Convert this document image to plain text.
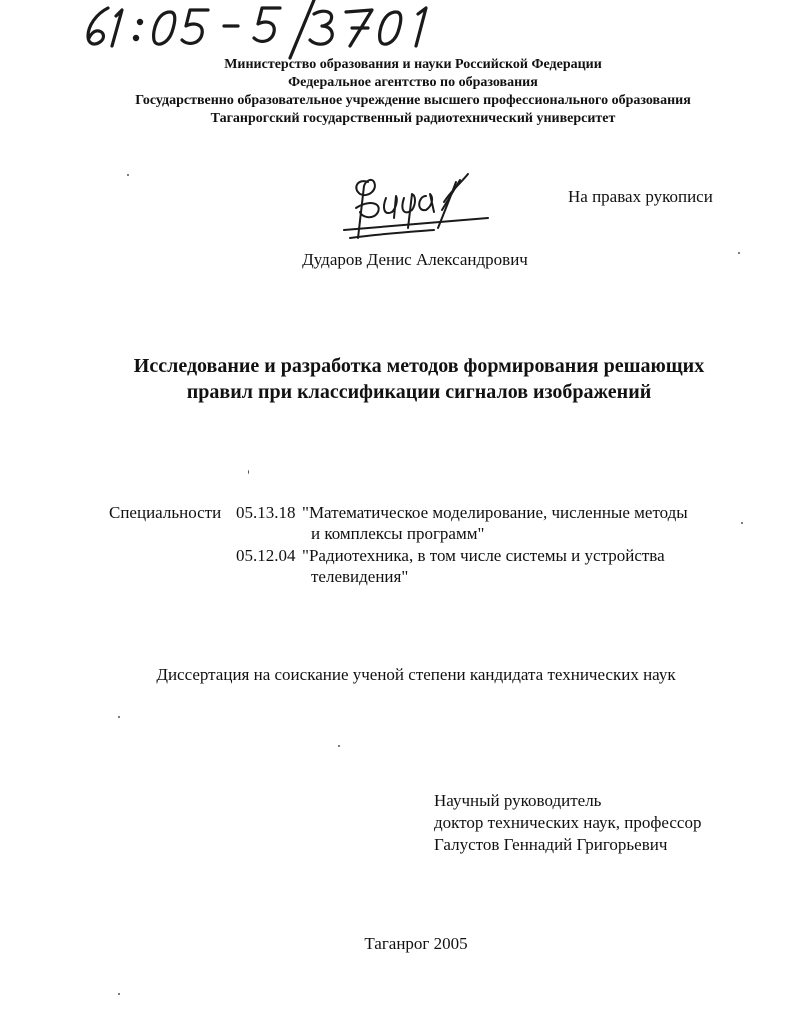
Министерство образования и науки Российской Федерации
Федеральное агентство по образования
Государственно образовательное учреждение высшего профессионального образования
Таганрогский государственный радиотехнический университет
На правах рукописи
Дударов Денис Александрович
Исследование и разработка методов формирования решающих
правил при классификации сигналов изображений
Специальности 05.13.18 "Математическое моделирование, численные методы
и комплексы программ"
05.12.04 "Радиотехника, в том числе системы и устройства
телевидения"
Диссертация на соискание ученой степени кандидата технических наук
Научный руководитель
доктор технических наук, профессор
Галустов Геннадий Григорьевич
Таганрог 2005
